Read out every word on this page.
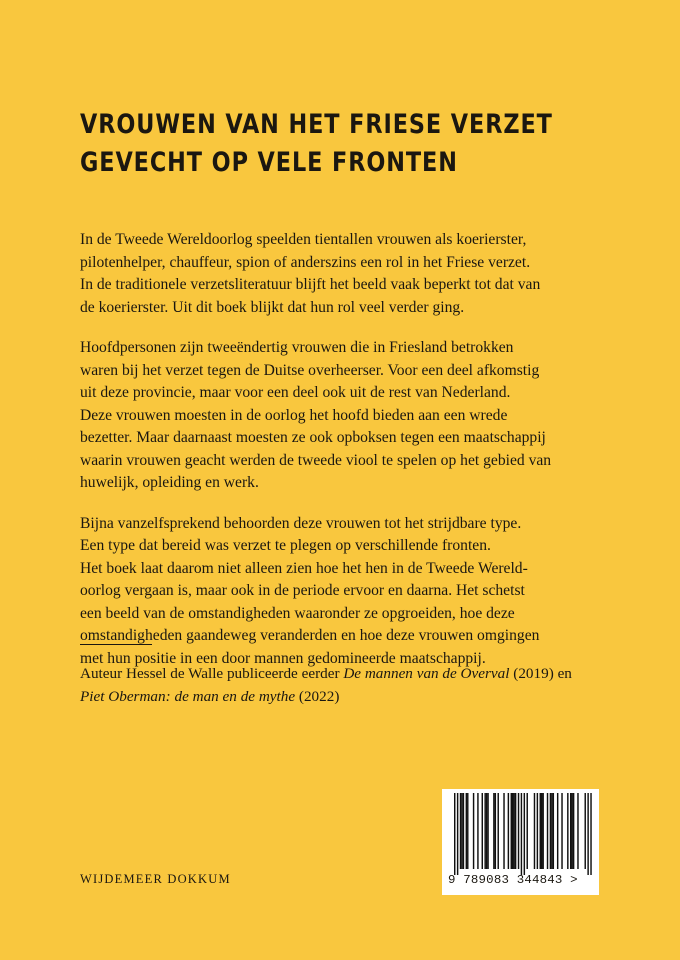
VROUWEN VAN HET FRIESE VERZET
GEVECHT OP VELE FRONTEN

In de Tweede Wereldoorlog speelden tientallen vrouwen als koerierster,
pilotenhelper, chauffeur, spion of anderszins een rol in het Friese verzet.
In de traditionele verzetsliteratuur blijft het beeld vaak beperkt tot dat van
de koerierster. Uit dit boek blijkt dat hun rol veel verder ging.

Hoofdpersonen zijn tweeëndertig vrouwen die in Friesland betrokken
waren bij het verzet tegen de Duitse overheerser. Voor een deel afkomstig
uit deze provincie, maar voor een deel ook uit de rest van Nederland.
Deze vrouwen moesten in de oorlog het hoofd bieden aan een wrede
bezetter. Maar daarnaast moesten ze ook opboksen tegen een maatschappij
waarin vrouwen geacht werden de tweede viool te spelen op het gebied van
huwelijk, opleiding en werk.

Bijna vanzelfsprekend behoorden deze vrouwen tot het strijdbare type.
Een type dat bereid was verzet te plegen op verschillende fronten.
Het boek laat daarom niet alleen zien hoe het hen in de Tweede Wereld-
oorlog vergaan is, maar ook in de periode ervoor en daarna. Het schetst
een beeld van de omstandigheden waaronder ze opgroeiden, hoe deze
omstandigheden gaandeweg veranderden en hoe deze vrouwen omgingen
met hun positie in een door mannen gedomineerde maatschappij.

Auteur Hessel de Walle publiceerde eerder De mannen van de Overval (2019) en
Piet Oberman: de man en de mythe (2022)
WIJDEMEER DOKKUM	9 789083 344843 >
